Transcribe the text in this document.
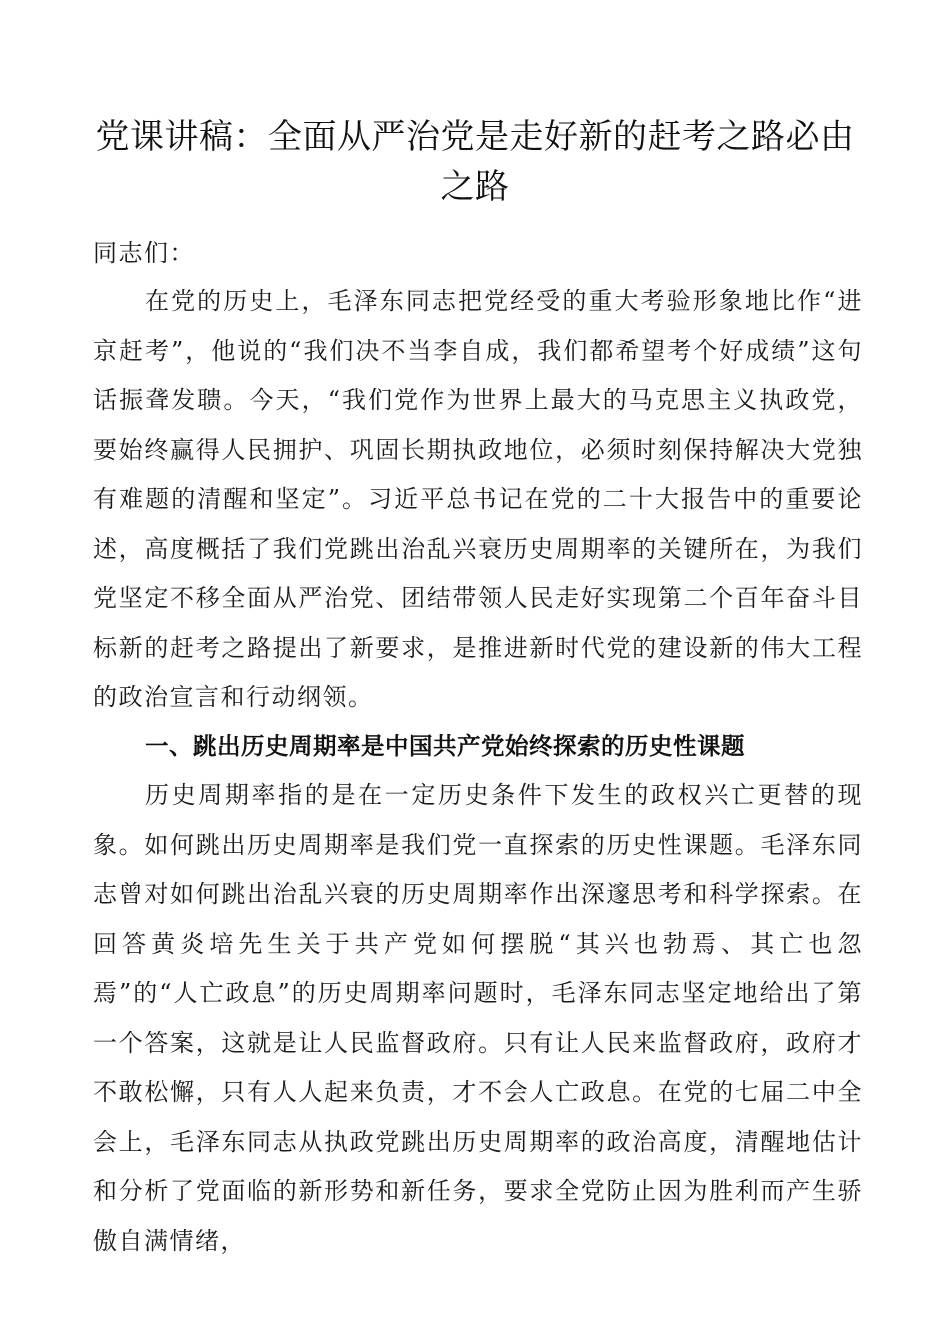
党课讲稿：全面从严治党是走好新的赶考之路必由之路

同志们：

在党的历史上，毛泽东同志把党经受的重大考验形象地比作“进京赶考”，他说的“我们决不当李自成，我们都希望考个好成绩”这句话振聋发聩。今天，“我们党作为世界上最大的马克思主义执政党，要始终赢得人民拥护、巩固长期执政地位，必须时刻保持解决大党独有难题的清醒和坚定”。习近平总书记在党的二十大报告中的重要论述，高度概括了我们党跳出治乱兴衰历史周期率的关键所在，为我们党坚定不移全面从严治党、团结带领人民走好实现第二个百年奋斗目标新的赶考之路提出了新要求，是推进新时代党的建设新的伟大工程的政治宣言和行动纲领。

一、跳出历史周期率是中国共产党始终探索的历史性课题

历史周期率指的是在一定历史条件下发生的政权兴亡更替的现象。如何跳出历史周期率是我们党一直探索的历史性课题。毛泽东同志曾对如何跳出治乱兴衰的历史周期率作出深邃思考和科学探索。在回答黄炎培先生关于共产党如何摆脱“其兴也勃焉、其亡也忽焉”的“人亡政息”的历史周期率问题时，毛泽东同志坚定地给出了第一个答案，这就是让人民监督政府。只有让人民来监督政府，政府才不敢松懈，只有人人起来负责，才不会人亡政息。在党的七届二中全会上，毛泽东同志从执政党跳出历史周期率的政治高度，清醒地估计和分析了党面临的新形势和新任务，要求全党防止因为胜利而产生骄傲自满情绪，
